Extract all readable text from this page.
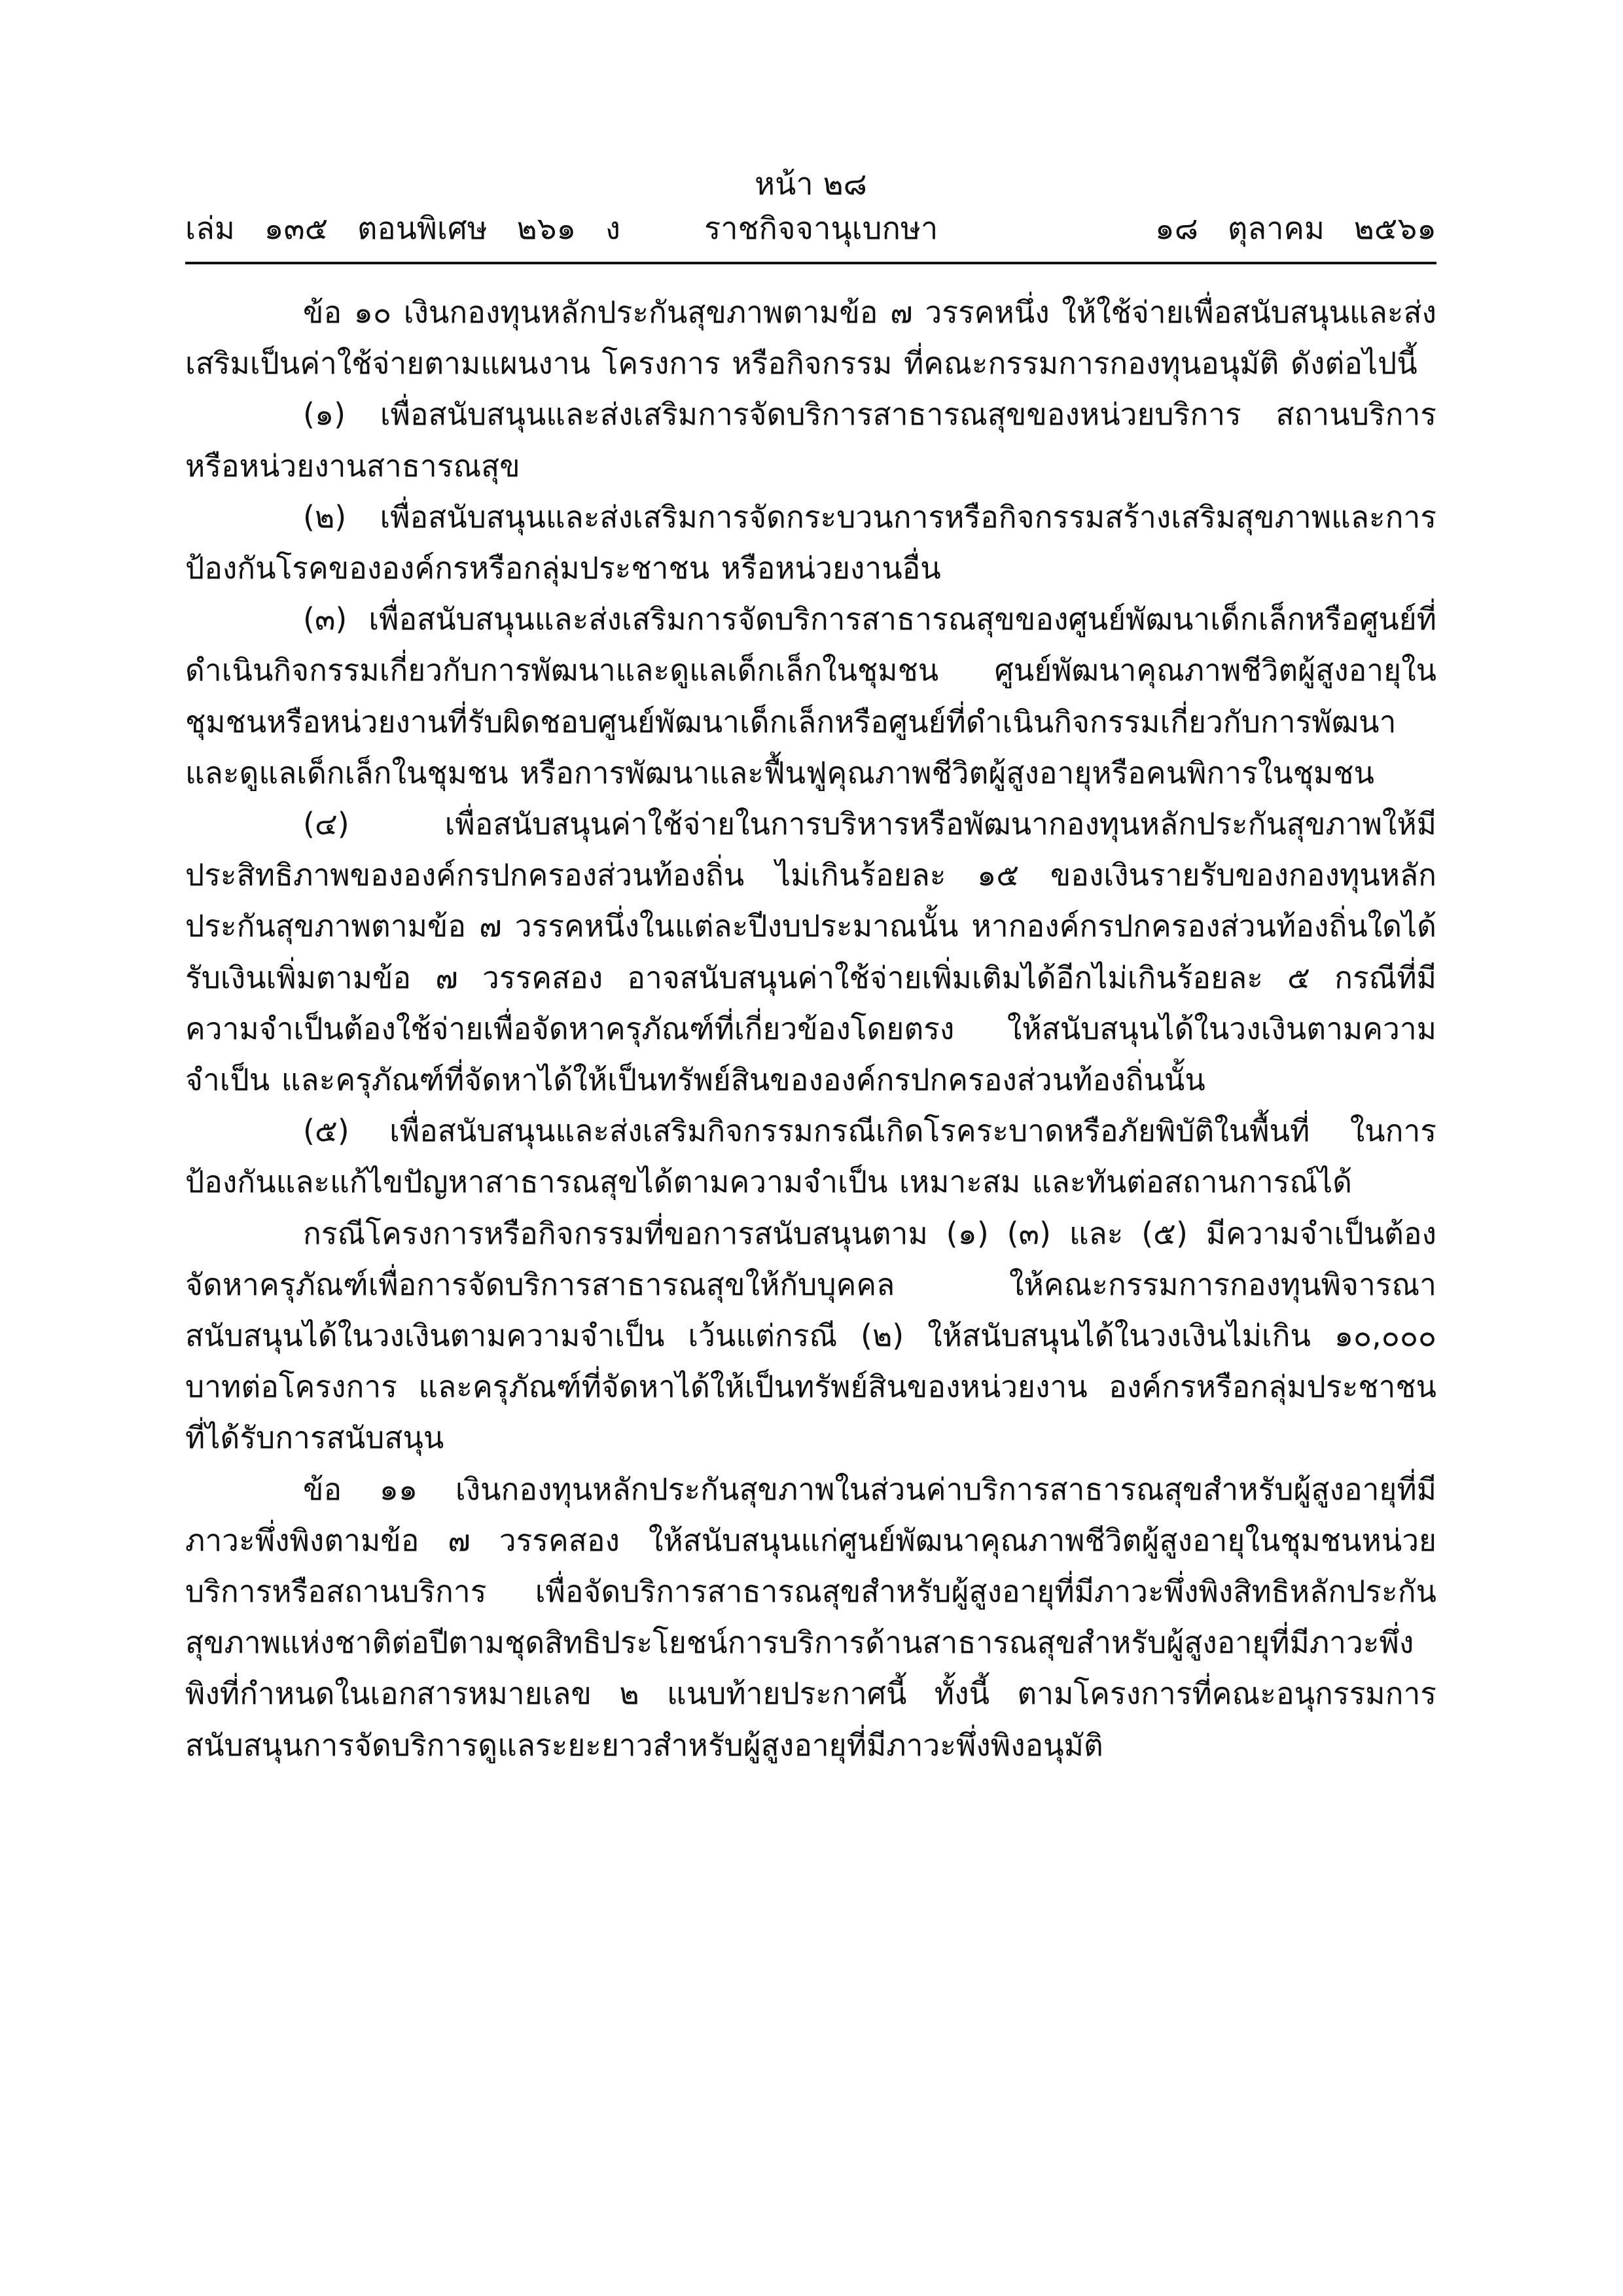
หน้า ๒๘
เล่ม   ๑๓๕   ตอนพิเศษ   ๒๖๑   ง	ราชกิจจานุเบกษา	๑๘   ตุลาคม   ๒๕๖๑

ข้อ ๑๐ เงินกองทุนหลักประกันสุขภาพตามข้อ ๗ วรรคหนึ่ง ให้ใช้จ่ายเพื่อสนับสนุนและส่งเสริมเป็นค่าใช้จ่ายตามแผนงาน โครงการ หรือกิจกรรม ที่คณะกรรมการกองทุนอนุมัติ ดังต่อไปนี้

(๑) เพื่อสนับสนุนและส่งเสริมการจัดบริการสาธารณสุขของหน่วยบริการ สถานบริการหรือหน่วยงานสาธารณสุข

(๒) เพื่อสนับสนุนและส่งเสริมการจัดกระบวนการหรือกิจกรรมสร้างเสริมสุขภาพและการป้องกันโรคขององค์กรหรือกลุ่มประชาชน หรือหน่วยงานอื่น

(๓) เพื่อสนับสนุนและส่งเสริมการจัดบริการสาธารณสุขของศูนย์พัฒนาเด็กเล็กหรือศูนย์ที่ดำเนินกิจกรรมเกี่ยวกับการพัฒนาและดูแลเด็กเล็กในชุมชน ศูนย์พัฒนาคุณภาพชีวิตผู้สูงอายุในชุมชนหรือหน่วยงานที่รับผิดชอบศูนย์พัฒนาเด็กเล็กหรือศูนย์ที่ดำเนินกิจกรรมเกี่ยวกับการพัฒนาและดูแลเด็กเล็กในชุมชน หรือการพัฒนาและฟื้นฟูคุณภาพชีวิตผู้สูงอายุหรือคนพิการในชุมชน

(๔) เพื่อสนับสนุนค่าใช้จ่ายในการบริหารหรือพัฒนากองทุนหลักประกันสุขภาพให้มีประสิทธิภาพขององค์กรปกครองส่วนท้องถิ่น ไม่เกินร้อยละ ๑๕ ของเงินรายรับของกองทุนหลักประกันสุขภาพตามข้อ ๗ วรรคหนึ่งในแต่ละปีงบประมาณนั้น หากองค์กรปกครองส่วนท้องถิ่นใดได้รับเงินเพิ่มตามข้อ ๗ วรรคสอง อาจสนับสนุนค่าใช้จ่ายเพิ่มเติมได้อีกไม่เกินร้อยละ ๕ กรณีที่มีความจำเป็นต้องใช้จ่ายเพื่อจัดหาครุภัณฑ์ที่เกี่ยวข้องโดยตรง ให้สนับสนุนได้ในวงเงินตามความจำเป็น และครุภัณฑ์ที่จัดหาได้ให้เป็นทรัพย์สินขององค์กรปกครองส่วนท้องถิ่นนั้น

(๕) เพื่อสนับสนุนและส่งเสริมกิจกรรมกรณีเกิดโรคระบาดหรือภัยพิบัติในพื้นที่ ในการป้องกันและแก้ไขปัญหาสาธารณสุขได้ตามความจำเป็น เหมาะสม และทันต่อสถานการณ์ได้

กรณีโครงการหรือกิจกรรมที่ขอการสนับสนุนตาม (๑) (๓) และ (๕) มีความจำเป็นต้องจัดหาครุภัณฑ์เพื่อการจัดบริการสาธารณสุขให้กับบุคคล ให้คณะกรรมการกองทุนพิจารณาสนับสนุนได้ในวงเงินตามความจำเป็น เว้นแต่กรณี (๒) ให้สนับสนุนได้ในวงเงินไม่เกิน ๑๐,๐๐๐ บาทต่อโครงการ และครุภัณฑ์ที่จัดหาได้ให้เป็นทรัพย์สินของหน่วยงาน องค์กรหรือกลุ่มประชาชนที่ได้รับการสนับสนุน

ข้อ ๑๑ เงินกองทุนหลักประกันสุขภาพในส่วนค่าบริการสาธารณสุขสำหรับผู้สูงอายุที่มีภาวะพึ่งพิงตามข้อ ๗ วรรคสอง ให้สนับสนุนแก่ศูนย์พัฒนาคุณภาพชีวิตผู้สูงอายุในชุมชนหน่วยบริการหรือสถานบริการ เพื่อจัดบริการสาธารณสุขสำหรับผู้สูงอายุที่มีภาวะพึ่งพิงสิทธิหลักประกันสุขภาพแห่งชาติต่อปีตามชุดสิทธิประโยชน์การบริการด้านสาธารณสุขสำหรับผู้สูงอายุที่มีภาวะพึ่งพิงที่กำหนดในเอกสารหมายเลข ๒ แนบท้ายประกาศนี้ ทั้งนี้ ตามโครงการที่คณะอนุกรรมการสนับสนุนการจัดบริการดูแลระยะยาวสำหรับผู้สูงอายุที่มีภาวะพึ่งพิงอนุมัติ
